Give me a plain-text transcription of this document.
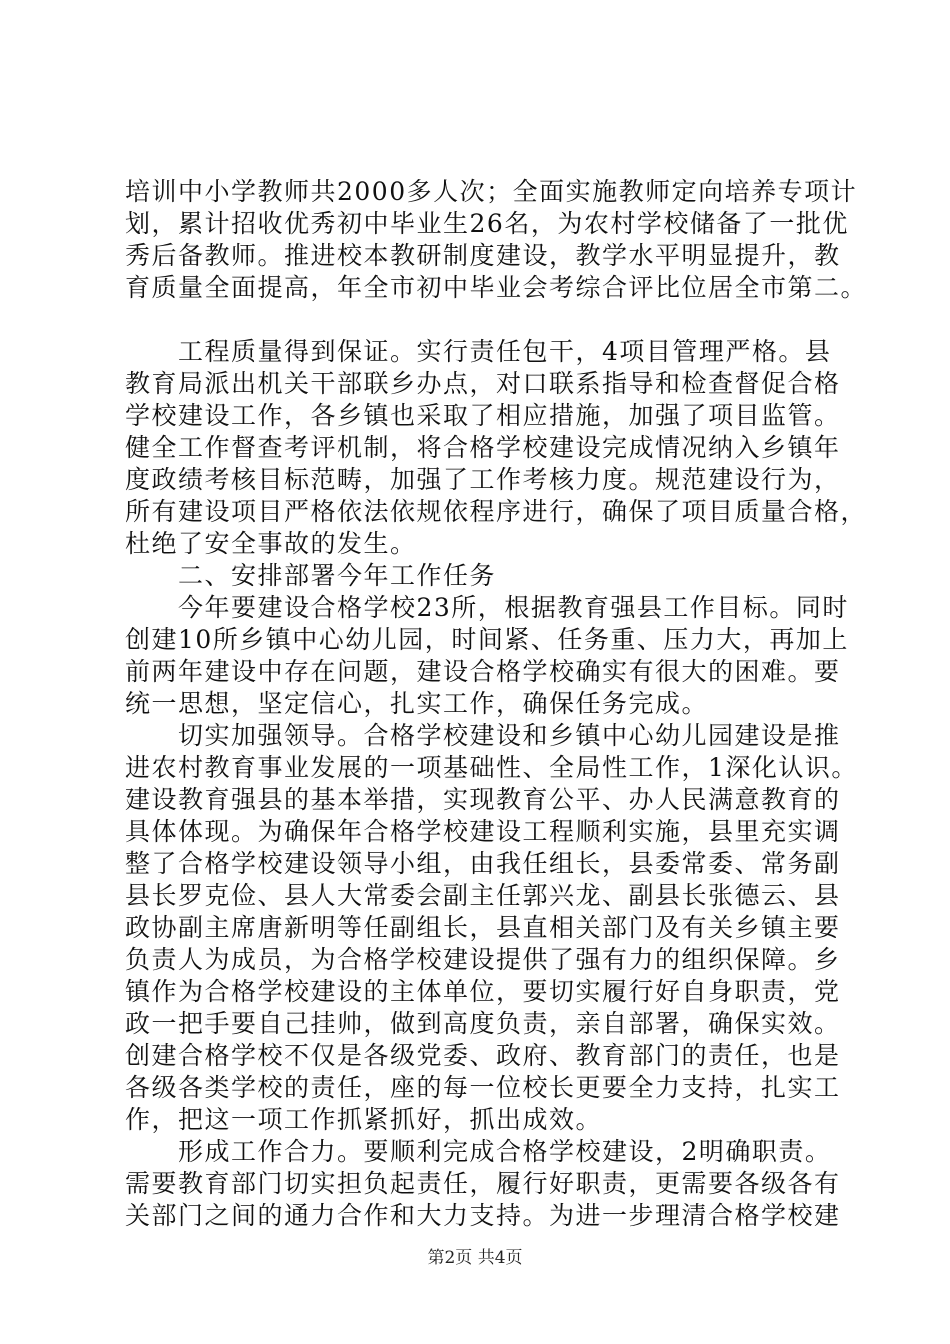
培训中小学教师共2000多人次；全面实施教师定向培养专项计
划，累计招收优秀初中毕业生26名，为农村学校储备了一批优
秀后备教师。推进校本教研制度建设，教学水平明显提升，教
育质量全面提高，年全市初中毕业会考综合评比位居全市第二。
工程质量得到保证。实行责任包干，4项目管理严格。县
教育局派出机关干部联乡办点，对口联系指导和检查督促合格
学校建设工作，各乡镇也采取了相应措施，加强了项目监管。
健全工作督查考评机制，将合格学校建设完成情况纳入乡镇年
度政绩考核目标范畴，加强了工作考核力度。规范建设行为，
所有建设项目严格依法依规依程序进行，确保了项目质量合格，
杜绝了安全事故的发生。
二、安排部署今年工作任务
今年要建设合格学校23所，根据教育强县工作目标。同时
创建10所乡镇中心幼儿园，时间紧、任务重、压力大，再加上
前两年建设中存在问题，建设合格学校确实有很大的困难。要
统一思想，坚定信心，扎实工作，确保任务完成。
切实加强领导。合格学校建设和乡镇中心幼儿园建设是推
进农村教育事业发展的一项基础性、全局性工作，1深化认识。
建设教育强县的基本举措，实现教育公平、办人民满意教育的
具体体现。为确保年合格学校建设工程顺利实施，县里充实调
整了合格学校建设领导小组，由我任组长，县委常委、常务副
县长罗克俭、县人大常委会副主任郭兴龙、副县长张德云、县
政协副主席唐新明等任副组长，县直相关部门及有关乡镇主要
负责人为成员，为合格学校建设提供了强有力的组织保障。乡
镇作为合格学校建设的主体单位，要切实履行好自身职责，党
政一把手要自己挂帅，做到高度负责，亲自部署，确保实效。
创建合格学校不仅是各级党委、政府、教育部门的责任，也是
各级各类学校的责任，座的每一位校长更要全力支持，扎实工
作，把这一项工作抓紧抓好，抓出成效。
形成工作合力。要顺利完成合格学校建设，2明确职责。
需要教育部门切实担负起责任，履行好职责，更需要各级各有
关部门之间的通力合作和大力支持。为进一步理清合格学校建
第2页 共4页
